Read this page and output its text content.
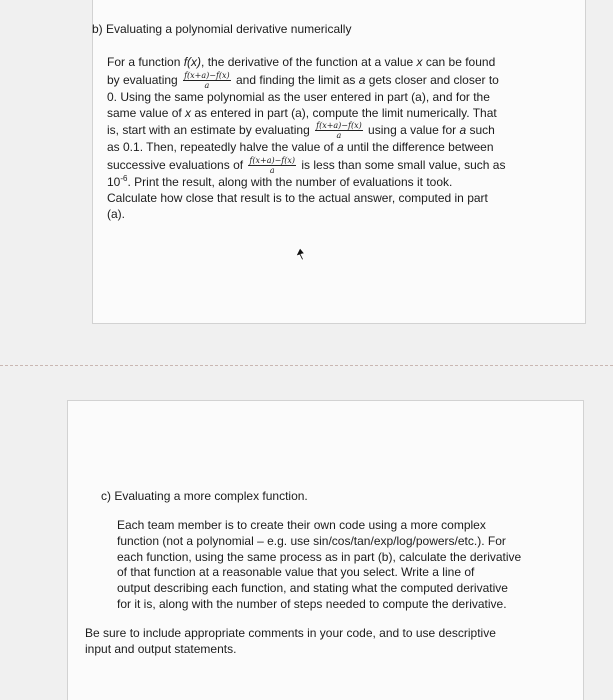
b) Evaluating a polynomial derivative numerically
For a function f(x), the derivative of the function at a value x can be found
by evaluating $\frac{f(x+a)-f(x)}{a}$ and finding the limit as a gets closer and closer to
0. Using the same polynomial as the user entered in part (a), and for the
same value of x as entered in part (a), compute the limit numerically. That
is, start with an estimate by evaluating $\frac{f(x+a)-f(x)}{a}$ using a value for a such
as 0.1. Then, repeatedly halve the value of a until the difference between
successive evaluations of $\frac{f(x+a)-f(x)}{a}$ is less than some small value, such as
$10^{-6}$. Print the result, along with the number of evaluations it took.
Calculate how close that result is to the actual answer, computed in part
(a).
c) Evaluating a more complex function.
Each team member is to create their own code using a more complex
function (not a polynomial – e.g. use sin/cos/tan/exp/log/powers/etc.). For
each function, using the same process as in part (b), calculate the derivative
of that function at a reasonable value that you select. Write a line of
output describing each function, and stating what the computed derivative
for it is, along with the number of steps needed to compute the derivative.
Be sure to include appropriate comments in your code, and to use descriptive
input and output statements.
